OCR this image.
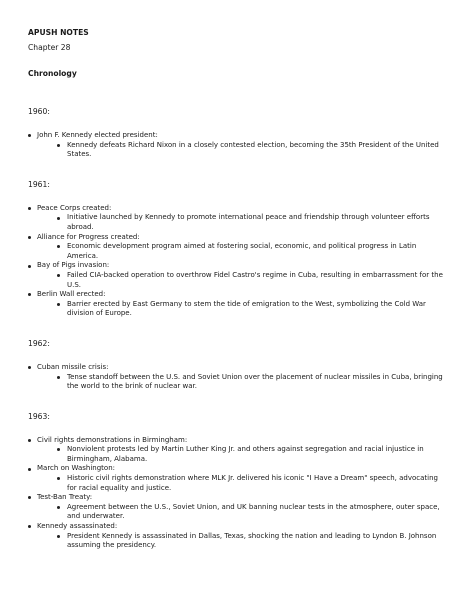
APUSH NOTES

Chapter 28

Chronology

1960:

John F. Kennedy elected president:
Kennedy defeats Richard Nixon in a closely contested election, becoming the 35th President of the United States.

1961:

Peace Corps created:
Initiative launched by Kennedy to promote international peace and friendship through volunteer efforts abroad.
Alliance for Progress created:
Economic development program aimed at fostering social, economic, and political progress in Latin America.
Bay of Pigs invasion:
Failed CIA-backed operation to overthrow Fidel Castro's regime in Cuba, resulting in embarrassment for the U.S.
Berlin Wall erected:
Barrier erected by East Germany to stem the tide of emigration to the West, symbolizing the Cold War division of Europe.

1962:

Cuban missile crisis:
Tense standoff between the U.S. and Soviet Union over the placement of nuclear missiles in Cuba, bringing the world to the brink of nuclear war.

1963:

Civil rights demonstrations in Birmingham:
Nonviolent protests led by Martin Luther King Jr. and others against segregation and racial injustice in Birmingham, Alabama.
March on Washington:
Historic civil rights demonstration where MLK Jr. delivered his iconic "I Have a Dream" speech, advocating for racial equality and justice.
Test-Ban Treaty:
Agreement between the U.S., Soviet Union, and UK banning nuclear tests in the atmosphere, outer space, and underwater.
Kennedy assassinated:
President Kennedy is assassinated in Dallas, Texas, shocking the nation and leading to Lyndon B. Johnson assuming the presidency.
